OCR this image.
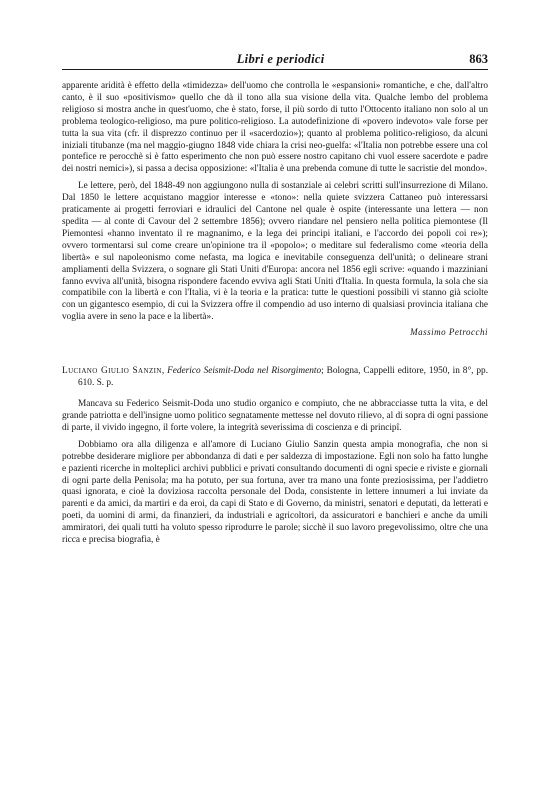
Libri e periodici	863

apparente aridità è effetto della «timidezza» dell'uomo che controlla le «espansioni» romantiche, e che, dall'altro canto, è il suo «positivismo» quello che dà il tono alla sua visione della vita. Qualche lembo del problema religioso si mostra anche in quest'uomo, che è stato, forse, il più sordo di tutto l'Ottocento italiano non solo al un problema teologico-religioso, ma pure politico-religioso. La autodefinizione di «povero indevoto» vale forse per tutta la sua vita (cfr. il disprezzo continuo per il «sacerdozio»); quanto al problema politico-religioso, da alcuni iniziali titubanze (ma nel maggio-giugno 1848 vide chiara la crisi neo-guelfa: «l'Italia non potrebbe essere una col pontefice re perocchè si è fatto esperimento che non può essere nostro capitano chi vuol essere sacerdote e padre dei nostri nemici»), si passa a decisa opposizione: «l'Italia è una prebenda comune di tutte le sacristie del mondo».

Le lettere, però, del 1848-49 non aggiungono nulla di sostanziale ai celebri scritti sull'insurrezione di Milano. Dal 1850 le lettere acquistano maggior interesse e «tono»: nella quiete svizzera Cattaneo può interessarsi praticamente ai progetti ferroviari e idraulici del Cantone nel quale è ospite (interessante una lettera — non spedita — al conte di Cavour del 2 settembre 1856); ovvero riandare nel pensiero nella politica piemontese (Il Piemontesi «hanno inventato il re magnanimo, e la lega dei principi italiani, e l'accordo dei popoli coi re»); ovvero tormentarsi sul come creare un'opinione tra il «popolo»; o meditare sul federalismo come «teoria della libertà» e sul napoleonismo come nefasta, ma logica e inevitabile conseguenza dell'unità; o delineare strani ampliamenti della Svizzera, o sognare gli Stati Uniti d'Europa: ancora nel 1856 egli scrive: «quando i mazziniani fanno evviva all'unità, bisogna rispondere facendo evviva agli Stati Uniti d'Italia. In questa formula, la sola che sia compatibile con la libertà e con l'Italia, vi è la teoria e la pratica: tutte le questioni possibili vi stanno già sciolte con un gigantesco esempio, di cui la Svizzera offre il compendio ad uso interno di qualsiasi provincia italiana che voglia avere in seno la pace e la libertà».

Massimo Petrocchi
Luciano Giulio Sanzin, Federico Seismit-Doda nel Risorgimento; Bologna, Cappelli editore, 1950, in 8°, pp. 610. S. p.

Mancava su Federico Seismit-Doda uno studio organico e compiuto, che ne abbracciasse tutta la vita, e del grande patriotta e dell'insigne uomo politico segnatamente mettesse nel dovuto rilievo, al di sopra di ogni passione di parte, il vivido ingegno, il forte volere, la integrità severissima di coscienza e di principî.

Dobbiamo ora alla diligenza e all'amore di Luciano Giulio Sanzin questa ampia monografia, che non si potrebbe desiderare migliore per abbondanza di dati e per saldezza di impostazione. Egli non solo ha fatto lunghe e pazienti ricerche in molteplici archivi pubblici e privati consultando documenti di ogni specie e riviste e giornali di ogni parte della Penisola; ma ha potuto, per sua fortuna, aver tra mano una fonte preziosissima, per l'addietro quasi ignorata, e cioè la doviziosa raccolta personale del Doda, consistente in lettere innumeri a lui inviate da parenti e da amici, da martiri e da eroi, da capi di Stato e di Governo, da ministri, senatori e deputati, da letterati e poeti, da uomini di armi, da finanzieri, da industriali e agricoltori, da assicuratori e banchieri e anche da umili ammiratori, dei quali tutti ha voluto spesso riprodurre le parole; sicchè il suo lavoro pregevolissimo, oltre che una ricca e precisa biografia, è
